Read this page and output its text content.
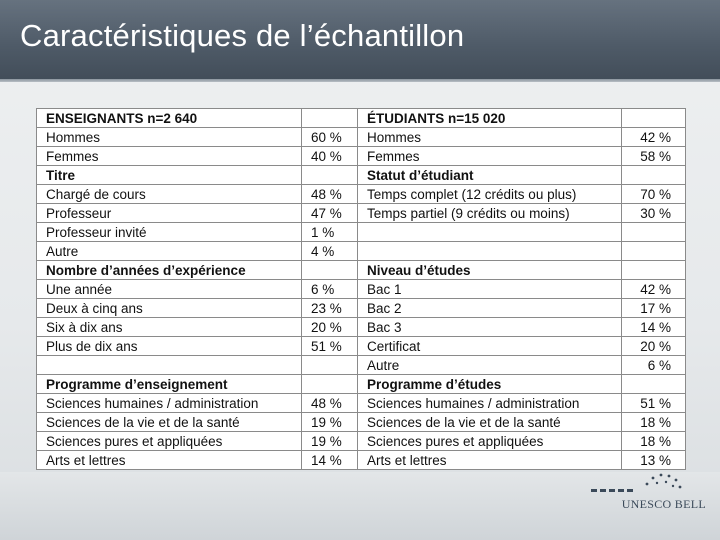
Caractéristiques de l’échantillon
ENSEIGNANTS n=2 640		ÉTUDIANTS n=15 020	
Hommes	60 %	Hommes	42 %
Femmes	40 %	Femmes	58 %
Titre		Statut d’étudiant	
Chargé de cours	48 %	Temps complet (12 crédits ou plus)	70 %
Professeur	47 %	Temps partiel (9 crédits ou moins)	30 %
Professeur invité	1 %		
Autre	4 %		
Nombre d’années d’expérience		Niveau d’études	
Une année	6 %	Bac 1	42 %
Deux à cinq ans	23 %	Bac 2	17 %
Six à dix ans	20 %	Bac 3	14 %
Plus de dix ans	51 %	Certificat	20 %
		Autre	6 %
Programme d’enseignement		Programme d’études	
Sciences humaines / administration	48 %	Sciences humaines / administration	51 %
Sciences de la vie et de la santé	19 %	Sciences de la vie et de la santé	18 %
Sciences pures et appliquées	19 %	Sciences pures et appliquées	18 %
Arts et lettres	14 %	Arts et lettres	13 %
UNESCO BELL
